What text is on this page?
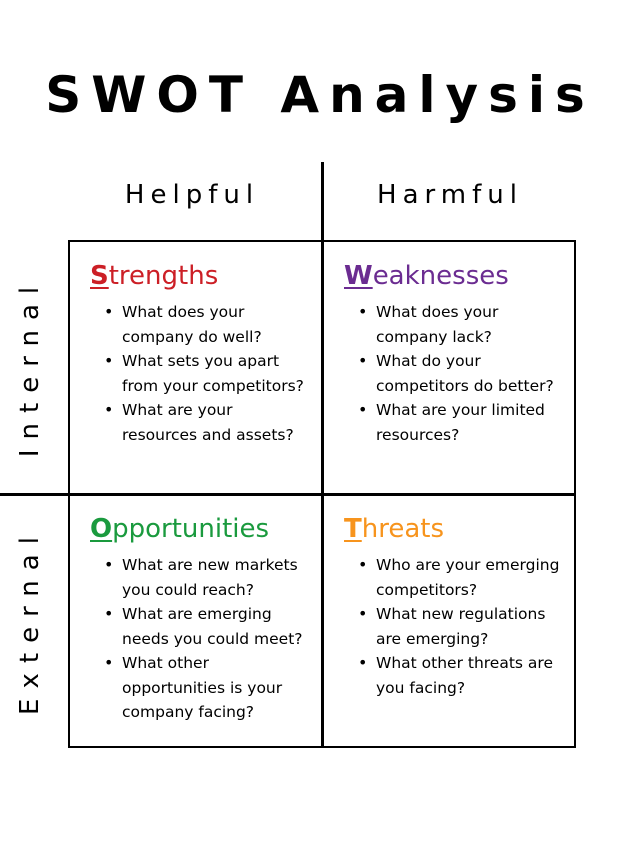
SWOT Analysis
Helpful	Harmful
Internal
External
Strengths
• What does your
company do well?
• What sets you apart
from your competitors?
• What are your
resources and assets?
Weaknesses
• What does your
company lack?
• What do your
competitors do better?
• What are your limited
resources?
Opportunities
• What are new markets
you could reach?
• What are emerging
needs you could meet?
• What other
opportunities is your
company facing?
Threats
• Who are your emerging
competitors?
• What new regulations
are emerging?
• What other threats are
you facing?
